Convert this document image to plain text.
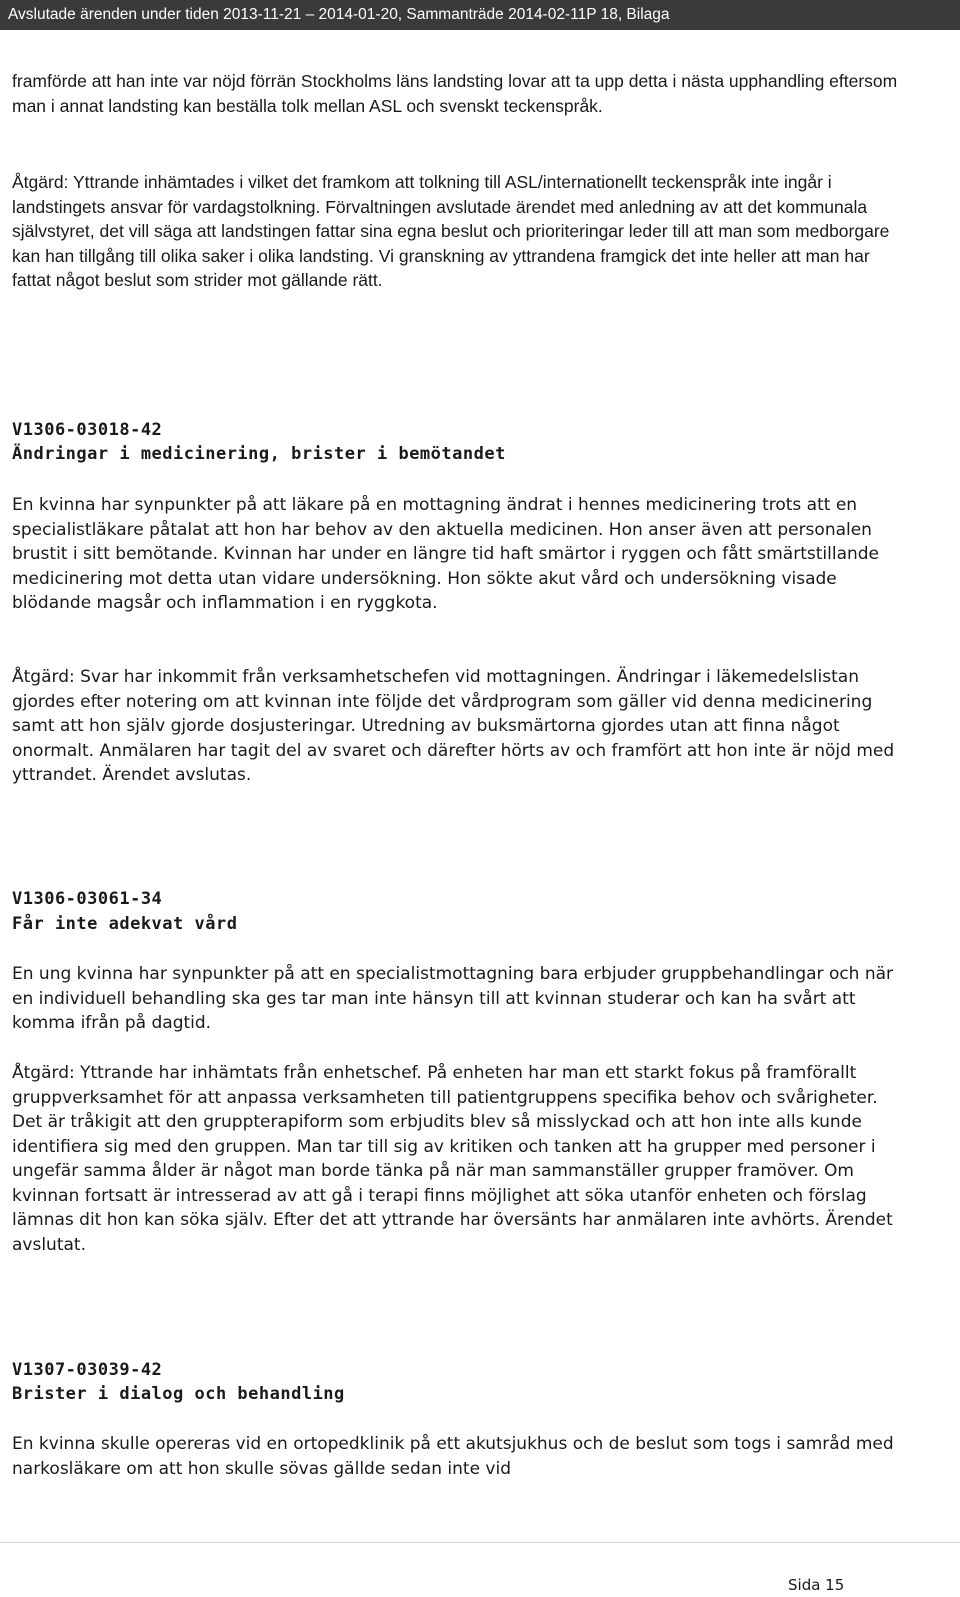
Avslutade ärenden under tiden 2013-11-21 – 2014-01-20, Sammanträde 2014-02-11P 18, Bilaga

framförde att han inte var nöjd förrän Stockholms läns landsting lovar att ta upp detta i nästa upphandling eftersom man i annat landsting kan beställa tolk mellan ASL och svenskt teckenspråk.

Åtgärd: Yttrande inhämtades i vilket det framkom att tolkning till ASL/internationellt teckenspråk inte ingår i landstingets ansvar för vardagstolkning. Förvaltningen avslutade ärendet med anledning av att det kommunala självstyret, det vill säga att landstingen fattar sina egna beslut och prioriteringar leder till att man som medborgare kan han tillgång till olika saker i olika landsting. Vi granskning av yttrandena framgick det inte heller att man har fattat något beslut som strider mot gällande rätt.

V1306-03018-42

Ändringar i medicinering, brister i bemötandet

En kvinna har synpunkter på att läkare på en mottagning ändrat i hennes medicinering trots att en specialistläkare påtalat att hon har behov av den aktuella medicinen. Hon anser även att personalen brustit i sitt bemötande. Kvinnan har under en längre tid haft smärtor i ryggen och fått smärtstillande medicinering mot detta utan vidare undersökning. Hon sökte akut vård och undersökning visade blödande magsår och inflammation i en ryggkota.

Åtgärd: Svar har inkommit från verksamhetschefen vid mottagningen. Ändringar i läkemedelslistan gjordes efter notering om att kvinnan inte följde det vårdprogram som gäller vid denna medicinering samt att hon själv gjorde dosjusteringar. Utredning av buksmärtorna gjordes utan att finna något onormalt. Anmälaren har tagit del av svaret och därefter hörts av och framfört att hon inte är nöjd med yttrandet. Ärendet avslutas.

V1306-03061-34

Får inte adekvat vård

En ung kvinna har synpunkter på att en specialistmottagning bara erbjuder gruppbehandlingar och när en individuell behandling ska ges tar man inte hänsyn till att kvinnan studerar och kan ha svårt att komma ifrån på dagtid.

Åtgärd: Yttrande har inhämtats från enhetschef. På enheten har man ett starkt fokus på framförallt gruppverksamhet för att anpassa verksamheten till patientgruppens specifika behov och svårigheter. Det är tråkigit att den gruppterapiform som erbjudits blev så misslyckad och att hon inte alls kunde identifiera sig med den gruppen. Man tar till sig av kritiken och tanken att ha grupper med personer i ungefär samma ålder är något man borde tänka på när man sammanställer grupper framöver. Om kvinnan fortsatt är intresserad av att gå i terapi finns möjlighet att söka utanför enheten och förslag lämnas dit hon kan söka själv. Efter det att yttrande har översänts har anmälaren inte avhörts. Ärendet avslutat.

V1307-03039-42

Brister i dialog och behandling

En kvinna skulle opereras vid en ortopedklinik på ett akutsjukhus och de beslut som togs i samråd med narkosläkare om att hon skulle sövas gällde sedan inte vid

Sida 15
